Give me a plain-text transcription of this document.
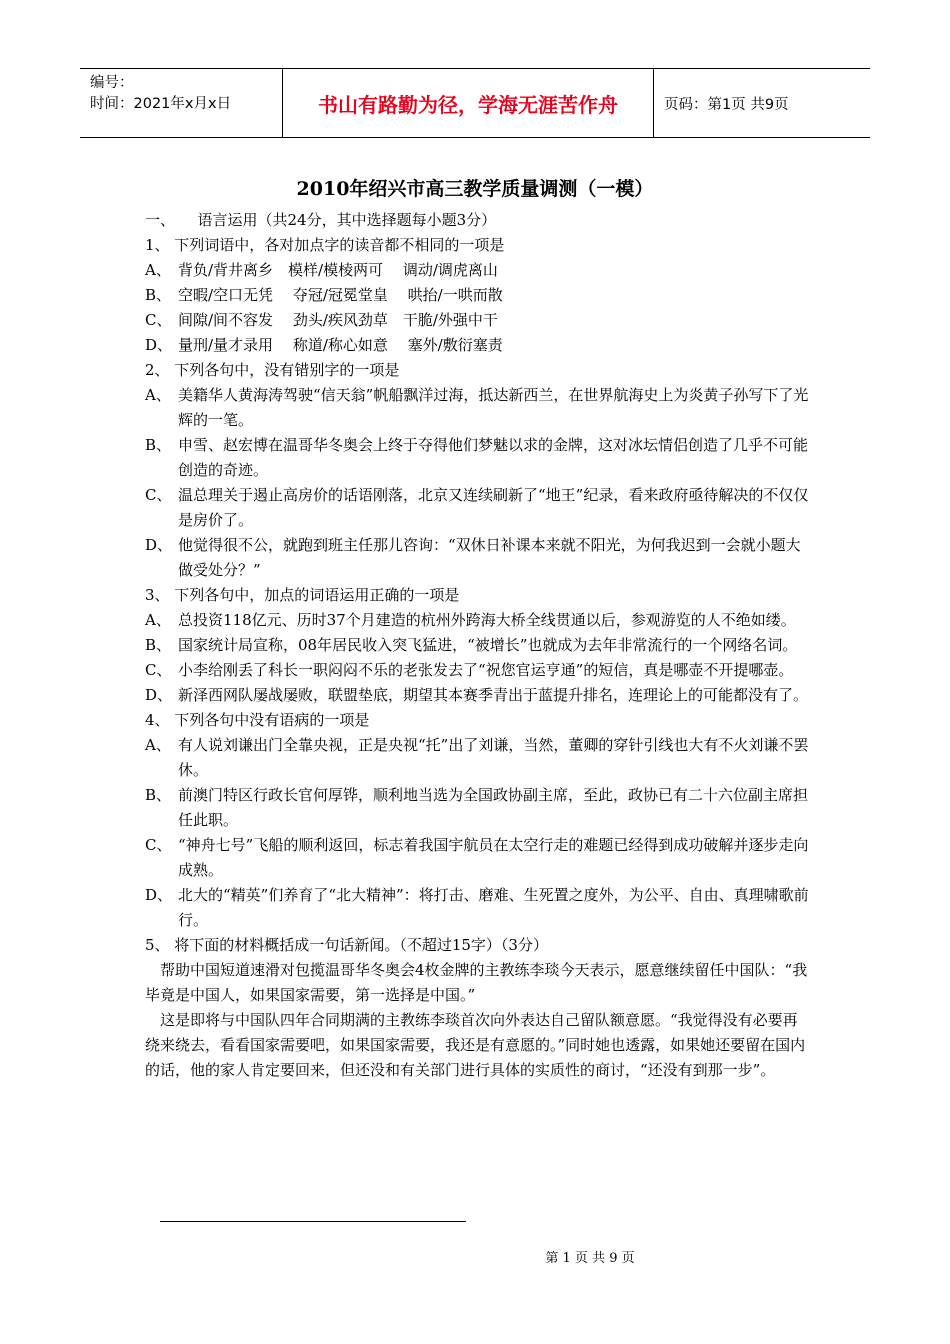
编号：
时间：2021年x月x日	书山有路勤为径，学海无涯苦作舟	页码：第1页 共9页
2010年绍兴市高三教学质量调测（一模）
一、　　语言运用（共24分，其中选择题每小题3分）
1、 下列词语中，各对加点字的读音都不相同的一项是
A、 背负/背井离乡　模样/模棱两可　 调动/调虎离山
B、 空暇/空口无凭　 夺冠/冠冕堂皇　 哄抬/一哄而散
C、 间隙/间不容发　 劲头/疾风劲草　干脆/外强中干
D、 量刑/量才录用　 称道/称心如意　 塞外/敷衍塞责
2、 下列各句中，没有错别字的一项是
A、 美籍华人黄海涛驾驶“信天翁”帆船飘洋过海，抵达新西兰，在世界航海史上为炎黄子孙写下了光辉的一笔。
B、 申雪、赵宏博在温哥华冬奥会上终于夺得他们梦魅以求的金牌，这对冰坛情侣创造了几乎不可能创造的奇迹。
C、 温总理关于遏止高房价的话语刚落，北京又连续刷新了“地王”纪录，看来政府亟待解决的不仅仅是房价了。
D、 他觉得很不公，就跑到班主任那儿咨询：“双休日补课本来就不阳光，为何我迟到一会就小题大做受处分？”
3、 下列各句中，加点的词语运用正确的一项是
A、 总投资118亿元、历时37个月建造的杭州外跨海大桥全线贯通以后，参观游览的人不绝如缕。
B、 国家统计局宣称，08年居民收入突飞猛进，“被增长”也就成为去年非常流行的一个网络名词。
C、 小李给刚丢了科长一职闷闷不乐的老张发去了“祝您官运亨通”的短信，真是哪壶不开提哪壶。
D、 新泽西网队屡战屡败，联盟垫底，期望其本赛季青出于蓝提升排名，连理论上的可能都没有了。
4、 下列各句中没有语病的一项是
A、 有人说刘谦出门全靠央视，正是央视“托”出了刘谦，当然，董卿的穿针引线也大有不火刘谦不罢休。
B、 前澳门特区行政长官何厚铧，顺利地当选为全国政协副主席，至此，政协已有二十六位副主席担任此职。
C、 “神舟七号”飞船的顺利返回，标志着我国宇航员在太空行走的难题已经得到成功破解并逐步走向成熟。
D、 北大的“精英”们养育了“北大精神”：将打击、磨难、生死置之度外，为公平、自由、真理啸歌前行。
5、 将下面的材料概括成一句话新闻。（不超过15字）（3分）
帮助中国短道速滑对包揽温哥华冬奥会4枚金牌的主教练李琰今天表示，愿意继续留任中国队：“我毕竟是中国人，如果国家需要，第一选择是中国。”
这是即将与中国队四年合同期满的主教练李琰首次向外表达自己留队额意愿。“我觉得没有必要再绕来绕去，看看国家需要吧，如果国家需要，我还是有意愿的。”同时她也透露，如果她还要留在国内的话，他的家人肯定要回来，但还没和有关部门进行具体的实质性的商讨，“还没有到那一步”。
第 1 页 共 9 页
